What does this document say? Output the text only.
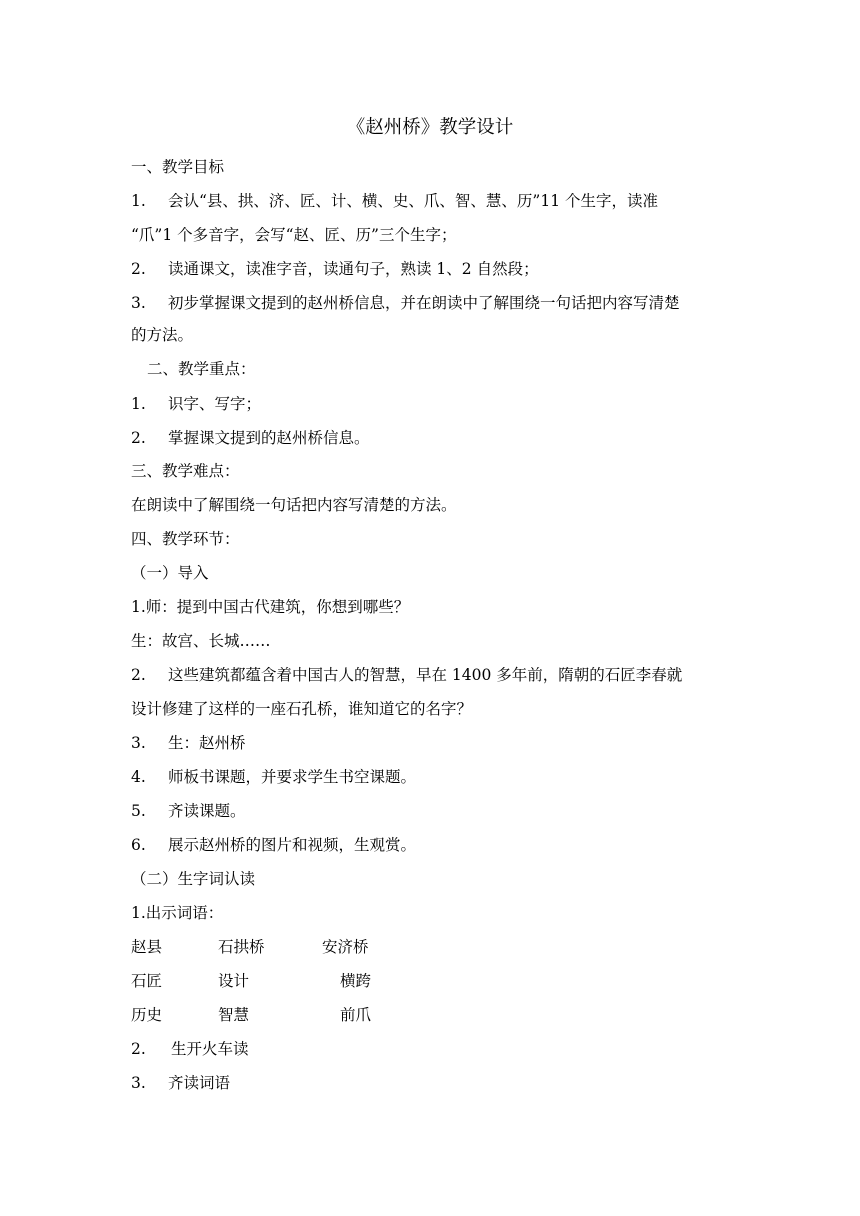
《赵州桥》教学设计
一、教学目标
1. 会认“县、拱、济、匠、计、横、史、爪、智、慧、历”11 个生字，读准
“爪”1 个多音字，会写“赵、匠、历”三个生字；
2. 读通课文，读准字音，读通句子，熟读 1、2 自然段；
3. 初步掌握课文提到的赵州桥信息，并在朗读中了解围绕一句话把内容写清楚
的方法。
二、教学重点：
1. 识字、写字；
2. 掌握课文提到的赵州桥信息。
三、教学难点：
在朗读中了解围绕一句话把内容写清楚的方法。
四、教学环节：
（一）导入
1.师：提到中国古代建筑，你想到哪些？
生：故宫、长城……
2. 这些建筑都蕴含着中国古人的智慧，早在 1400 多年前，隋朝的石匠李春就
设计修建了这样的一座石孔桥，谁知道它的名字？
3. 生：赵州桥
4. 师板书课题，并要求学生书空课题。
5. 齐读课题。
6. 展示赵州桥的图片和视频，生观赏。
（二）生字词认读
1.出示词语：
赵县	石拱桥	安济桥
石匠	设计	横跨
历史	智慧	前爪
2. 生开火车读
3. 齐读词语
